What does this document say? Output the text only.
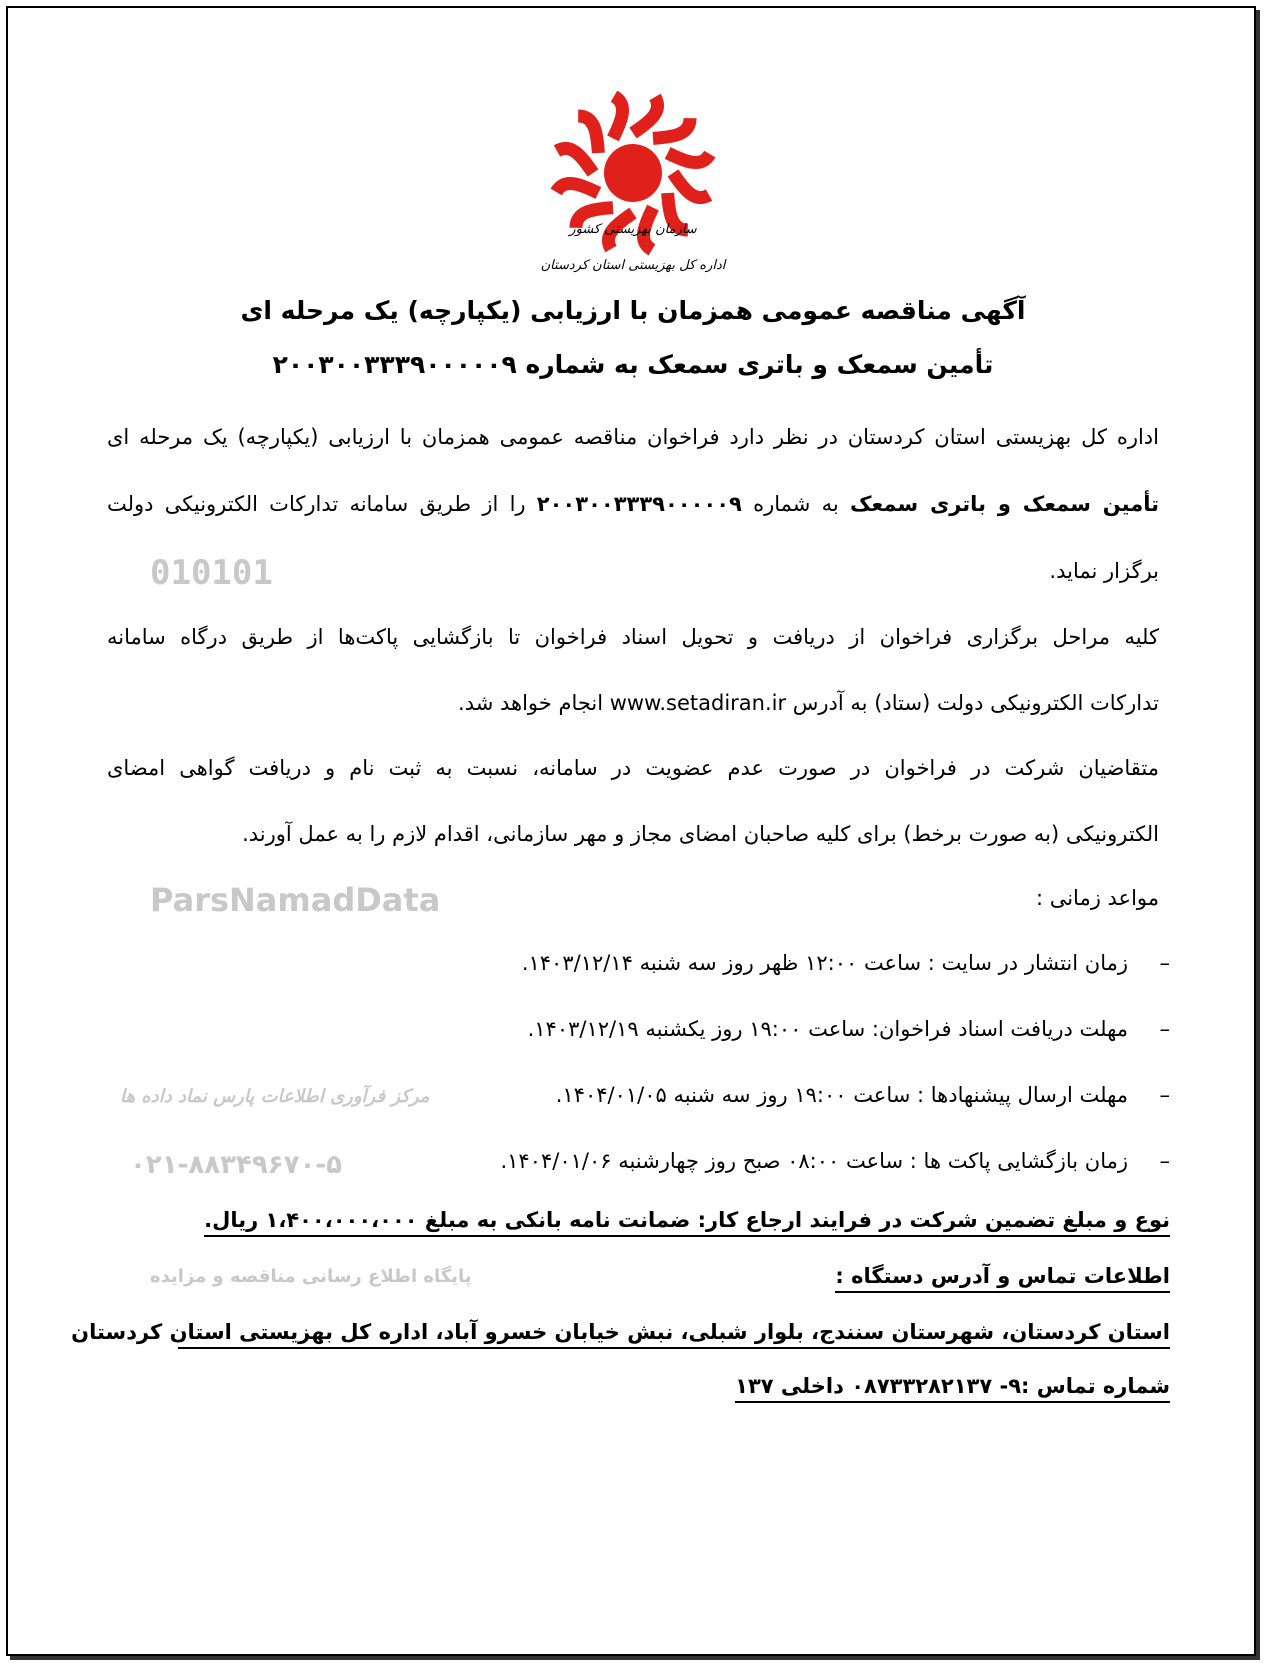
سازمان بهزیستی کشور
اداره کل بهزیستی استان کردستان
آگهی مناقصه عمومی همزمان با ارزیابی (یکپارچه) یک مرحله ای
تأمین سمعک و باتری سمعک به شماره ۲۰۰۳۰۰۳۳۳۹۰۰۰۰۰۹
010101
ParsNamadData
مرکز فرآوری اطلاعات پارس نماد داده ها
۰۲۱-۸۸۳۴۹۶۷۰-۵
پایگاه اطلاع رسانی مناقصه و مزایده
اداره کل بهزیستی استان کردستان در نظر دارد فراخوان مناقصه عمومی همزمان با ارزیابی (یکپارچه) یک مرحله ای
تأمین سمعک و باتری سمعک به شماره ۲۰۰۳۰۰۳۳۳۹۰۰۰۰۰۹ را از طریق سامانه تدارکات الکترونیکی دولت
برگزار نماید.
کلیه مراحل برگزاری فراخوان از دریافت و تحویل اسناد فراخوان تا بازگشایی پاکت‌ها از طریق درگاه سامانه
تدارکات الکترونیکی دولت (ستاد) به آدرس www.setadiran.ir انجام خواهد شد.
متقاضیان شرکت در فراخوان در صورت عدم عضویت در سامانه، نسبت به ثبت نام و دریافت گواهی امضای
الکترونیکی (به صورت برخط) برای کلیه صاحبان امضای مجاز و مهر سازمانی، اقدام لازم را به عمل آورند.
مواعد زمانی :
–زمان انتشار در سایت : ساعت ۱۲:۰۰ ظهر روز سه شنبه ۱۴۰۳/۱۲/۱۴.
–مهلت دریافت اسناد فراخوان: ساعت ۱۹:۰۰ روز یکشنبه ۱۴۰۳/۱۲/۱۹.
–مهلت ارسال پیشنهادها : ساعت ۱۹:۰۰ روز سه شنبه ۱۴۰۴/۰۱/۰۵.
–زمان بازگشایی پاکت ها : ساعت ۰۸:۰۰ صبح روز چهارشنبه ۱۴۰۴/۰۱/۰۶.
نوع و مبلغ تضمین شرکت در فرایند ارجاع کار: ضمانت نامه بانکی به مبلغ ۱،۴۰۰،۰۰۰،۰۰۰ ریال.
اطلاعات تماس و آدرس دستگاه :
استان کردستان، شهرستان سنندج، بلوار شبلی، نبش خیابان خسرو آباد، اداره کل بهزیستی استان کردستان
شماره تماس :۹- ۰۸۷۳۳۲۸۲۱۳۷ داخلی ۱۳۷
